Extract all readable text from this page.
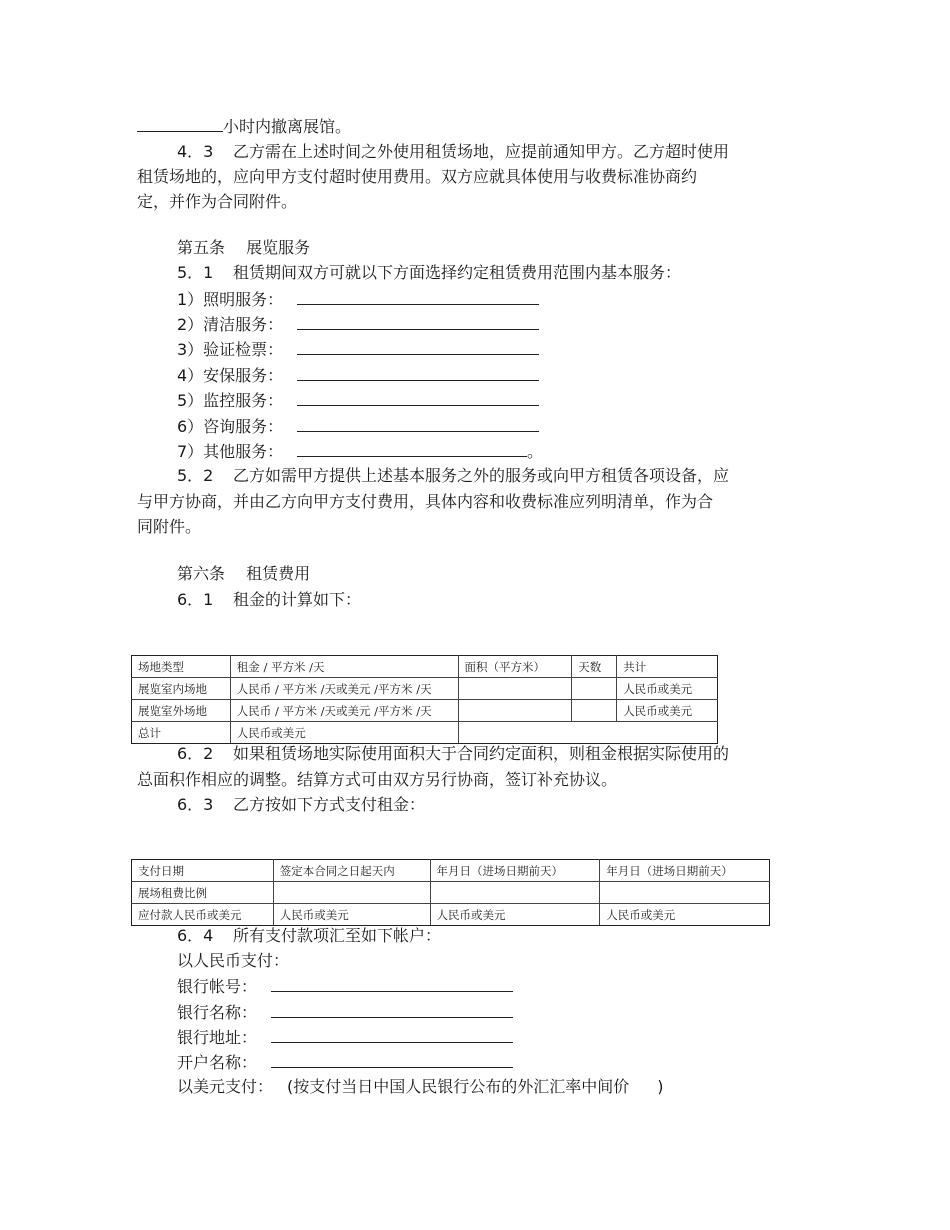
小时内撤离展馆。
4．3 乙方需在上述时间之外使用租赁场地，应提前通知甲方。乙方超时使用
租赁场地的，应向甲方支付超时使用费用。双方应就具体使用与收费标准协商约
定，并作为合同附件。
第五条　 展览服务
5．1 租赁期间双方可就以下方面选择约定租赁费用范围内基本服务：
1）照明服务：
2）清洁服务：
3）验证检票：
4）安保服务：
5）监控服务：
6）咨询服务：
7）其他服务：	。
5．2 乙方如需甲方提供上述基本服务之外的服务或向甲方租赁各项设备，应
与甲方协商，并由乙方向甲方支付费用，具体内容和收费标准应列明清单，作为合
同附件。
第六条　 租赁费用
6．1 租金的计算如下：
场地类型	租金 / 平方米 /天	面积（平方米）	天数	共计
展览室内场地	人民币 / 平方米 /天或美元 /平方米 /天			人民币或美元
展览室外场地	人民币 / 平方米 /天或美元 /平方米 /天			人民币或美元
总计	人民币或美元			
6．2 如果租赁场地实际使用面积大于合同约定面积，则租金根据实际使用的
总面积作相应的调整。结算方式可由双方另行协商，签订补充协议。
6．3 乙方按如下方式支付租金：
支付日期	签定本合同之日起天内	年月日（进场日期前天）	年月日（进场日期前天）
展场租费比例			
应付款人民币或美元	人民币或美元	人民币或美元	人民币或美元
6．4 所有支付款项汇至如下帐户：
以人民币支付：
银行帐号：
银行名称：
银行地址：
开户名称：
以美元支付： (按支付当日中国人民银行公布的外汇汇率中间价 )
